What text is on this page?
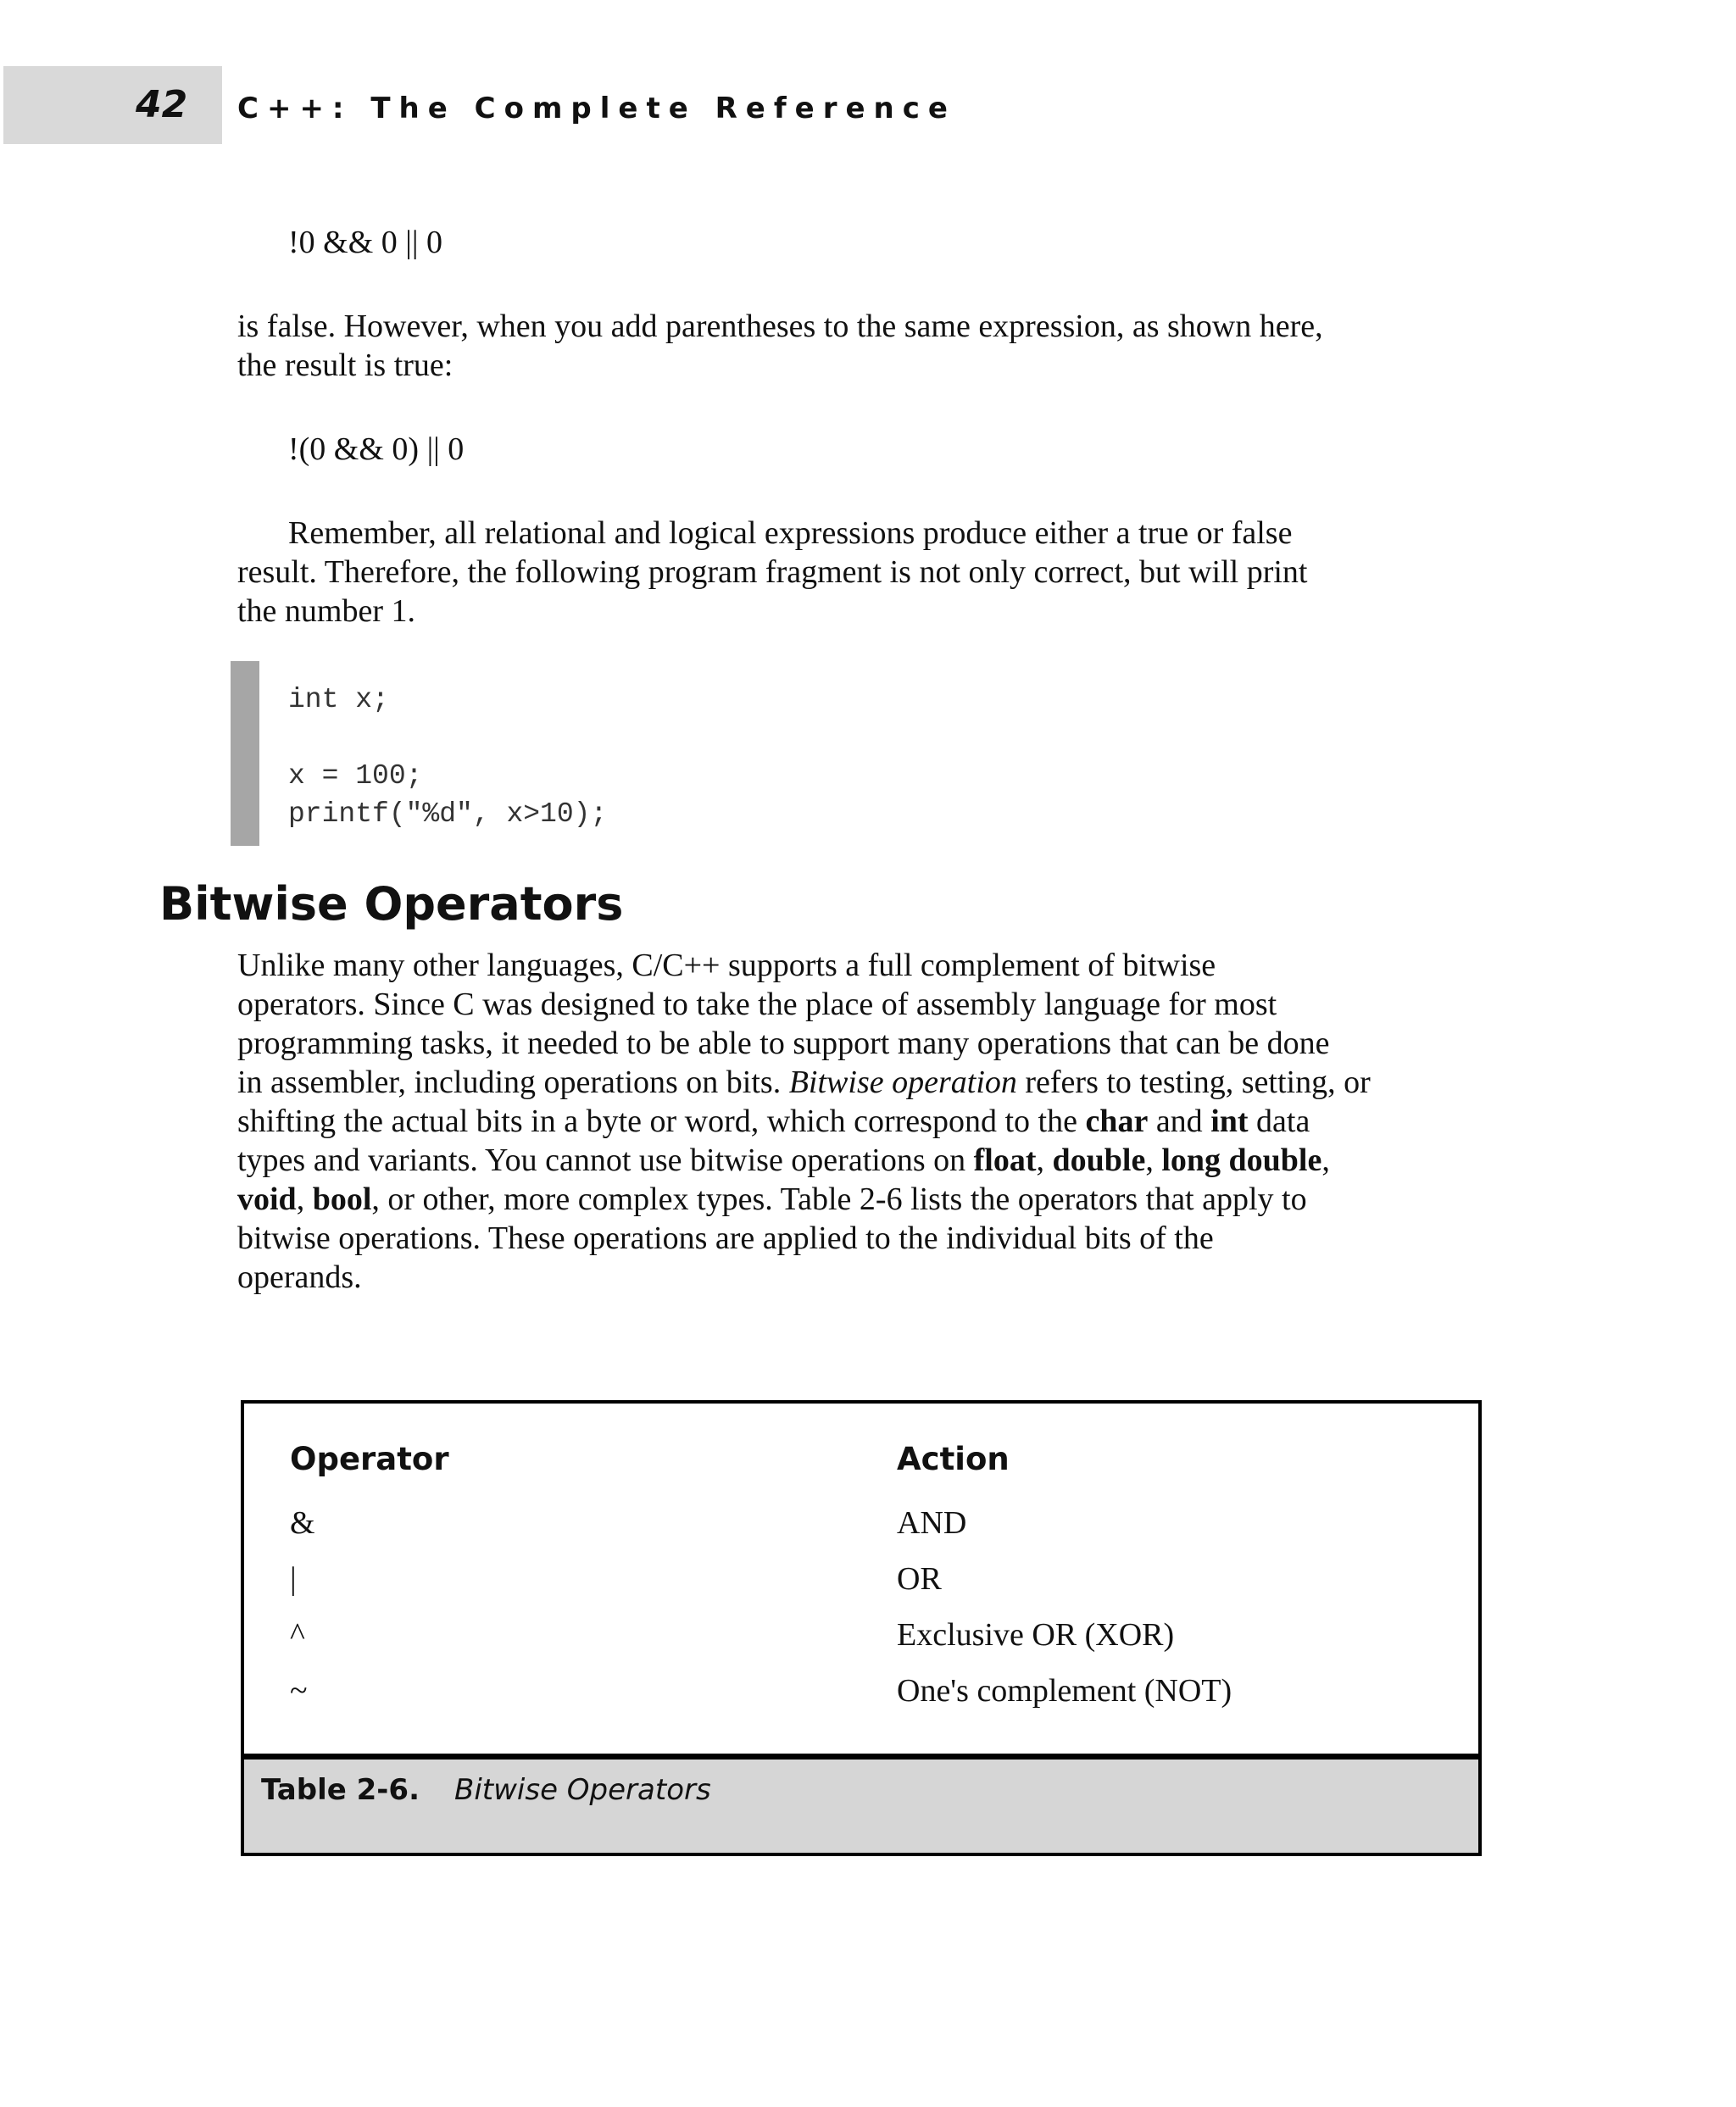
42 C++: The Complete Reference
!0 && 0 || 0
is false. However, when you add parentheses to the same expression, as shown here,
the result is true:
!(0 && 0) || 0
Remember, all relational and logical expressions produce either a true or false
result. Therefore, the following program fragment is not only correct, but will print
the number 1.
int x;
x = 100;
printf("%d", x>10);
Bitwise Operators
Unlike many other languages, C/C++ supports a full complement of bitwise
operators. Since C was designed to take the place of assembly language for most
programming tasks, it needed to be able to support many operations that can be done
in assembler, including operations on bits. Bitwise operation refers to testing, setting, or
shifting the actual bits in a byte or word, which correspond to the char and int data
types and variants. You cannot use bitwise operations on float, double, long double,
void, bool, or other, more complex types. Table 2-6 lists the operators that apply to
bitwise operations. These operations are applied to the individual bits of the
operands.
Operator	Action
&	AND
|	OR
^	Exclusive OR (XOR)
~	One's complement (NOT)
Table 2-6. Bitwise Operators
